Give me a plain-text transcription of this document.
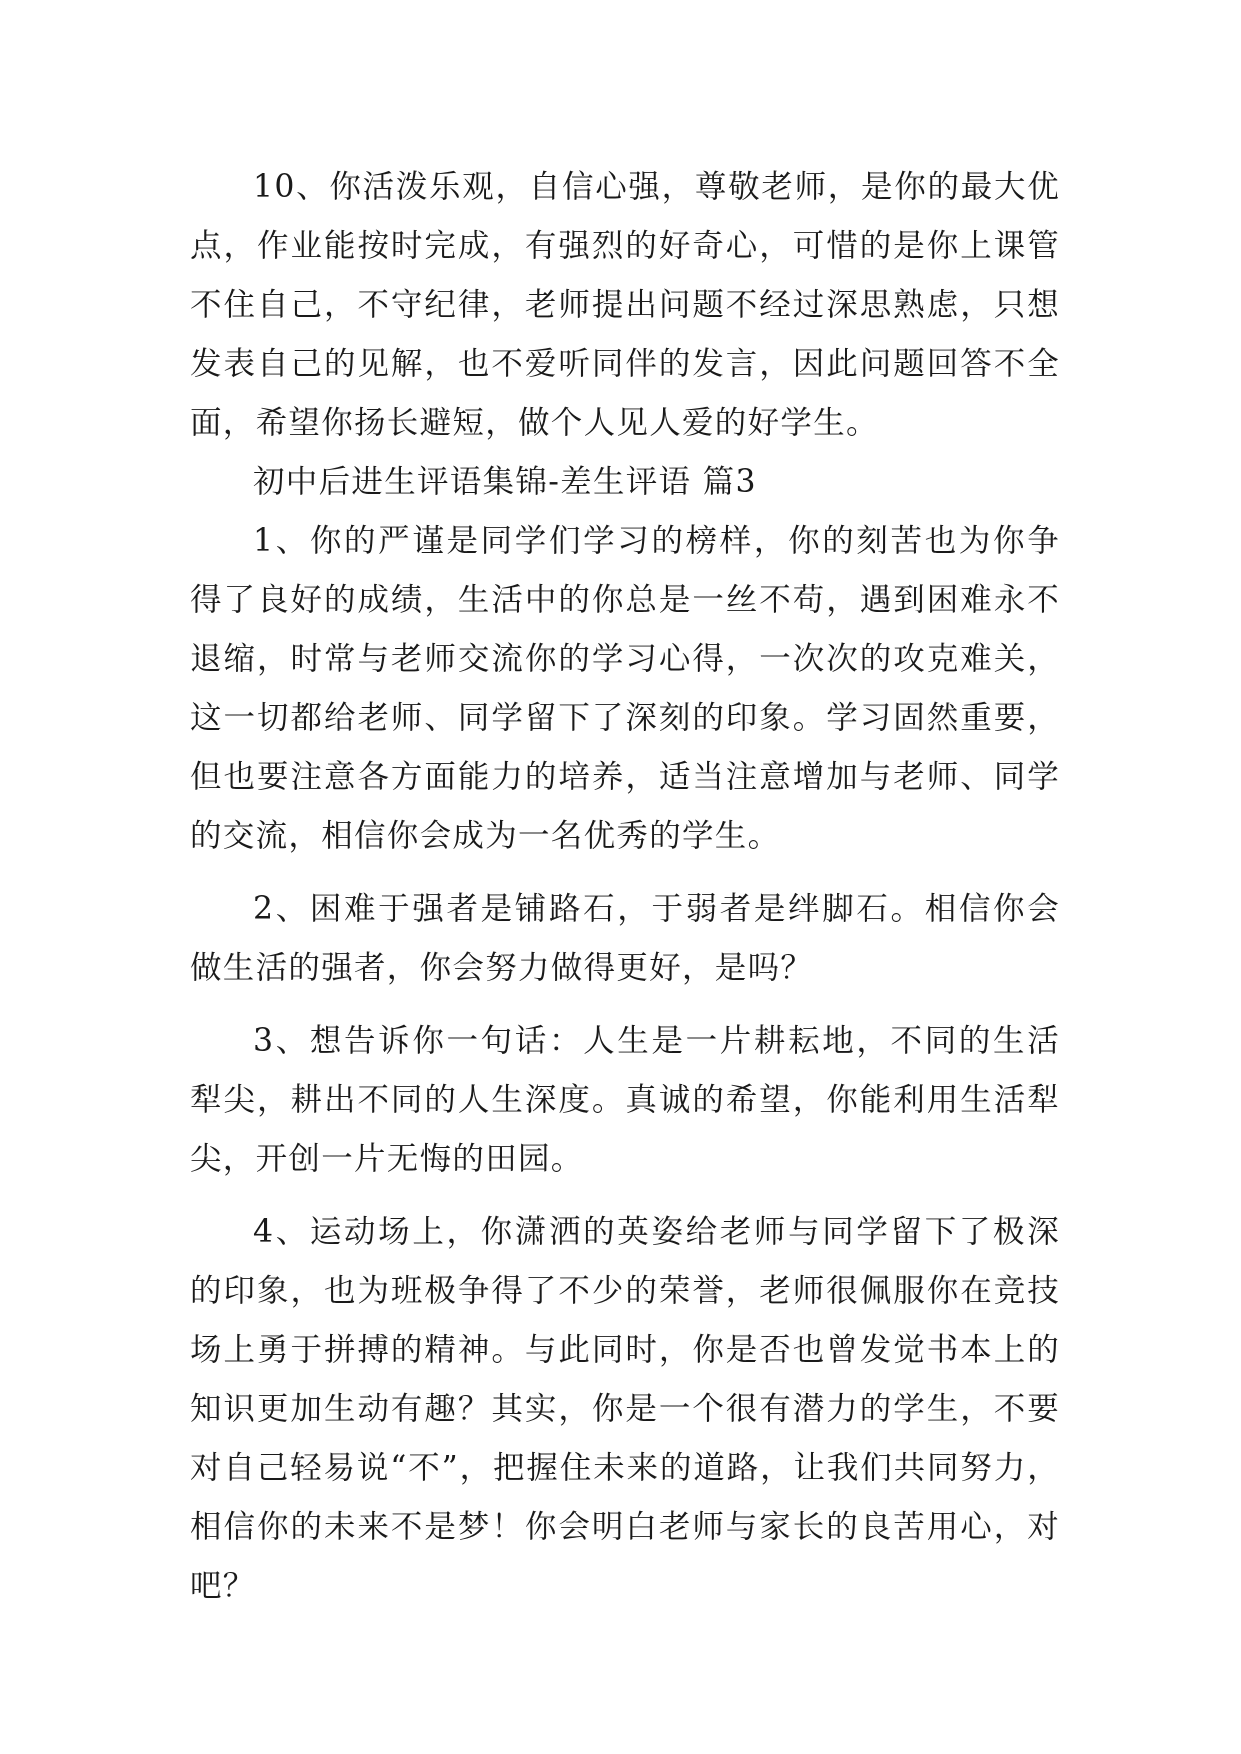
10、你活泼乐观，自信心强，尊敬老师，是你的最大优点，作业能按时完成，有强烈的好奇心，可惜的是你上课管不住自己，不守纪律，老师提出问题不经过深思熟虑，只想发表自己的见解，也不爱听同伴的发言，因此问题回答不全面，希望你扬长避短，做个人见人爱的好学生。

初中后进生评语集锦-差生评语 篇3

1、你的严谨是同学们学习的榜样，你的刻苦也为你争得了良好的成绩，生活中的你总是一丝不苟，遇到困难永不退缩，时常与老师交流你的学习心得，一次次的攻克难关，这一切都给老师、同学留下了深刻的印象。学习固然重要，但也要注意各方面能力的培养，适当注意增加与老师、同学的交流，相信你会成为一名优秀的学生。

2、困难于强者是铺路石，于弱者是绊脚石。相信你会做生活的强者，你会努力做得更好，是吗？

3、想告诉你一句话：人生是一片耕耘地，不同的生活犁尖，耕出不同的人生深度。真诚的希望，你能利用生活犁尖，开创一片无悔的田园。

4、运动场上，你潇洒的英姿给老师与同学留下了极深的印象，也为班极争得了不少的荣誉，老师很佩服你在竞技场上勇于拼搏的精神。与此同时，你是否也曾发觉书本上的知识更加生动有趣？其实，你是一个很有潜力的学生，不要对自己轻易说“不”，把握住未来的道路，让我们共同努力，相信你的未来不是梦！你会明白老师与家长的良苦用心，对吧？
